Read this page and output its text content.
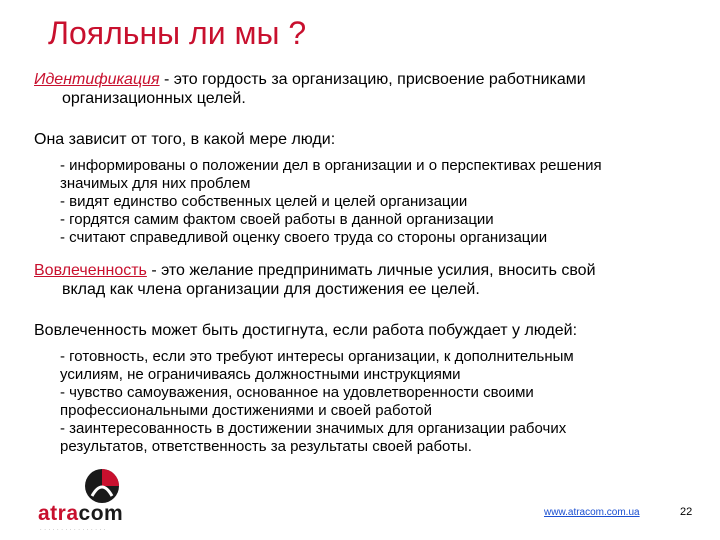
Лояльны ли мы ?
Идентификация - это гордость за организацию, присвоение работниками
организационных целей.
Она зависит от того, в какой мере люди:
- информированы о положении дел в организации и о перспективах решения
значимых для них проблем
- видят единство собственных целей и целей организации
- гордятся самим фактом своей работы в данной организации
- считают справедливой оценку своего труда со стороны организации
Вовлеченность - это желание предпринимать личные усилия, вносить свой
вклад как члена организации для достижения ее целей.
Вовлеченность может быть достигнута, если работа побуждает у людей:
- готовность, если это требуют интересы организации, к дополнительным
усилиям, не ограничиваясь должностными инструкциями
- чувство самоуважения, основанное на удовлетворенности своими
профессиональными достижениями и своей работой
- заинтересованность в достижении значимых для организации рабочих
результатов, ответственность за результаты своей работы.
atracom
· · · · · · · · · · · · · · · ·
www.atracom.com.ua	22
